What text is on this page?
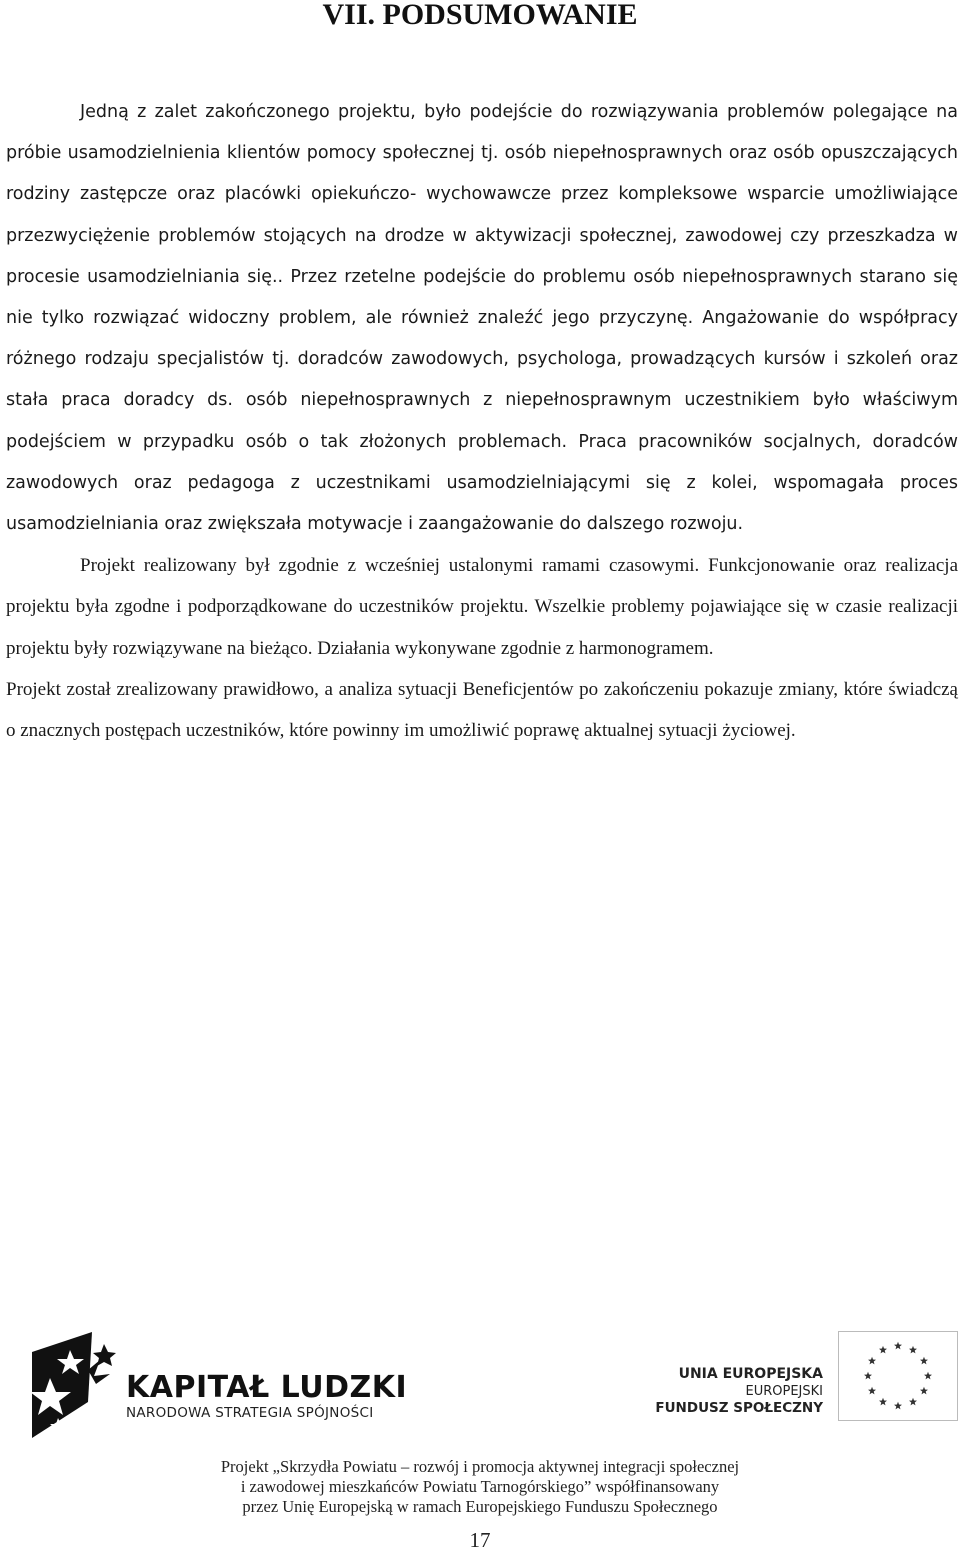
VII. PODSUMOWANIE

Jedną z zalet zakończonego projektu, było podejście do rozwiązywania problemów polegające na próbie usamodzielnienia klientów pomocy społecznej tj. osób niepełnosprawnych oraz osób opuszczających rodziny zastępcze oraz placówki opiekuńczo- wychowawcze przez kompleksowe wsparcie umożliwiające przezwyciężenie problemów stojących na drodze w aktywizacji społecznej, zawodowej czy przeszkadza w procesie usamodzielniania się.. Przez rzetelne podejście do problemu osób niepełnosprawnych starano się nie tylko rozwiązać widoczny problem, ale również znaleźć jego przyczynę. Angażowanie do współpracy różnego rodzaju specjalistów tj. doradców zawodowych, psychologa, prowadzących kursów i szkoleń oraz stała praca doradcy ds. osób niepełnosprawnych z niepełnosprawnym uczestnikiem było właściwym podejściem w przypadku osób o tak złożonych problemach. Praca pracowników socjalnych, doradców zawodowych oraz pedagoga z uczestnikami usamodzielniającymi się z kolei, wspomagała proces usamodzielniania oraz zwiększała motywacje i zaangażowanie do dalszego rozwoju.

Projekt realizowany był zgodnie z wcześniej ustalonymi ramami czasowymi. Funkcjonowanie oraz realizacja projektu była zgodne i podporządkowane do uczestników projektu. Wszelkie problemy pojawiające się w czasie realizacji projektu były rozwiązywane na bieżąco. Działania wykonywane zgodnie z harmonogramem.

Projekt został zrealizowany prawidłowo, a analiza sytuacji Beneficjentów po zakończeniu pokazuje zmiany, które świadczą o znacznych postępach uczestników, które powinny im umożliwić poprawę aktualnej sytuacji życiowej.

KAPITAŁ LUDZKI
NARODOWA STRATEGIA SPÓJNOŚCI
UNIA EUROPEJSKA
EUROPEJSKI
FUNDUSZ SPOŁECZNY
Projekt „Skrzydła Powiatu – rozwój i promocja aktywnej integracji społecznej
i zawodowej mieszkańców Powiatu Tarnogórskiego” współfinansowany
przez Unię Europejską w ramach Europejskiego Funduszu Społecznego
17
